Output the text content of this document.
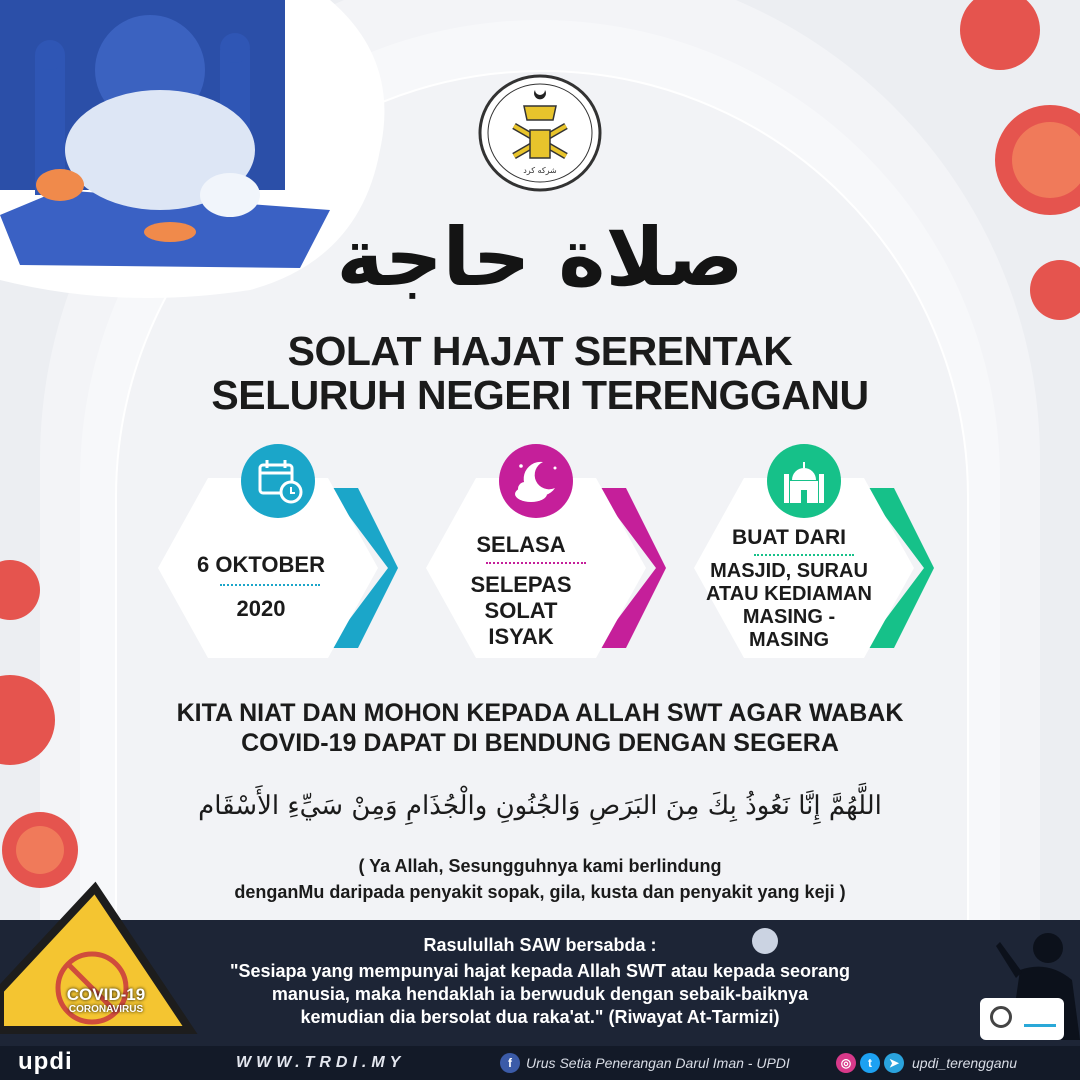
شرکه كرد
صلاة حاجة
SOLAT HAJAT SERENTAK
SELURUH NEGERI TERENGGANU
6 OKTOBER
2020
SELASA
SELEPAS
SOLAT
ISYAK
BUAT DARI
MASJID, SURAU
ATAU KEDIAMAN
MASING -
MASING
KITA NIAT DAN MOHON KEPADA ALLAH SWT AGAR WABAK
COVID-19 DAPAT DI BENDUNG DENGAN SEGERA
اللَّهُمَّ إِنَّا نَعُوذُ بِكَ مِنَ البَرَصِ وَالجُنُونِ والْجُذَامِ وَمِنْ سَيِّءِ الأَسْقَام
( Ya Allah, Sesungguhnya kami berlindung
denganMu daripada penyakit sopak, gila, kusta dan penyakit yang keji )
Rasulullah SAW bersabda :
"Sesiapa yang mempunyai hajat kepada Allah SWT atau kepada seorang
manusia, maka hendaklah ia berwuduk dengan sebaik-baiknya
kemudian dia bersolat dua raka'at." (Riwayat At-Tarmizi)
COVID-19
CORONAVIRUS
updi	WWW.TRDI.MY	f	Urus Setia Penerangan Darul Iman - UPDI	◎	t	➤ updi_terengganu
